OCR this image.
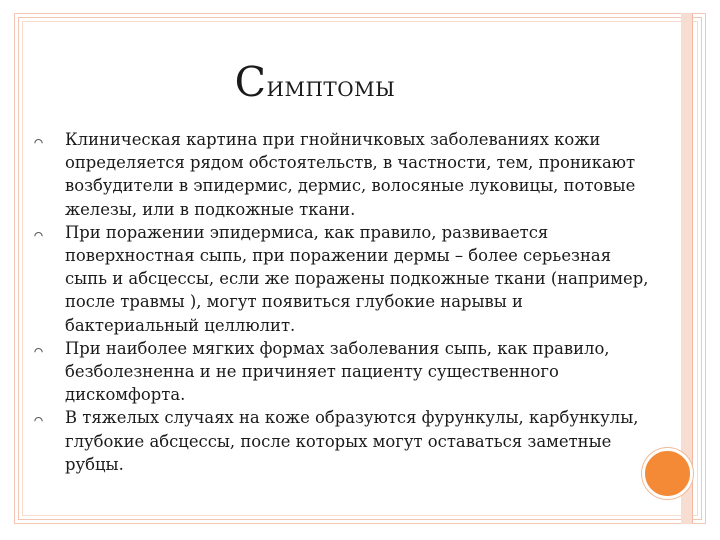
Симптомы
Клиническая картина при гнойничковых заболеваниях кожи определяется рядом обстоятельств, в частности, тем, проникают возбудители в эпидермис, дермис, волосяные луковицы, потовые железы, или в подкожные ткани.
При поражении эпидермиса, как правило, развивается поверхностная сыпь, при поражении дермы – более серьезная сыпь и абсцессы, если же поражены подкожные ткани (например, после травмы ), могут появиться глубокие нарывы и бактериальный целлюлит.
При наиболее мягких формах заболевания сыпь, как правило, безболезненна и не причиняет пациенту существенного дискомфорта.
В тяжелых случаях на коже образуются фурункулы, карбункулы, глубокие абсцессы, после которых могут оставаться заметные рубцы.
